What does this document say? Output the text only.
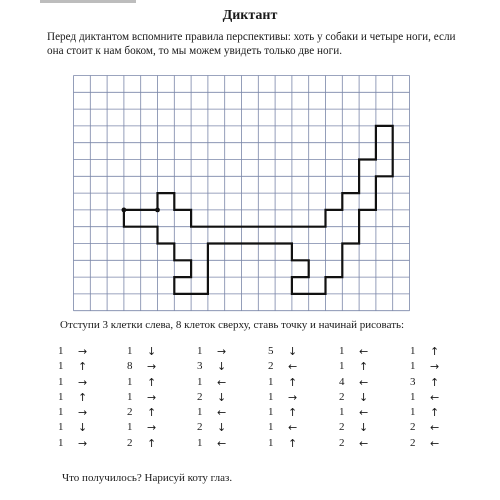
Диктант
Перед диктантом вспомните правила перспективы: хоть у собаки и четыре ноги, если она стоит к нам боком, то мы можем увидеть только две ноги.
Отступи 3 клетки слева, 8 клеток сверху, ставь точку и начинай рисовать:
1 →
1 ↑
1 →
1 ↑
1 →
1 ↓
1 →
1 ↓
8 →
1 ↑
1 →
2 ↑
1 →
2 ↑
1 →
3 ↓
1 ←
2 ↓
1 ←
2 ↓
1 ←
5 ↓
2 ←
1 ↑
1 →
1 ↑
1 ←
1 ↑
1 ←
1 ↑
4 ←
2 ↓
1 ←
2 ↓
2 ←
1 ↑
1 →
3 ↑
1 ←
1 ↑
2 ←
2 ←
Что получилось? Нарисуй коту глаз.
